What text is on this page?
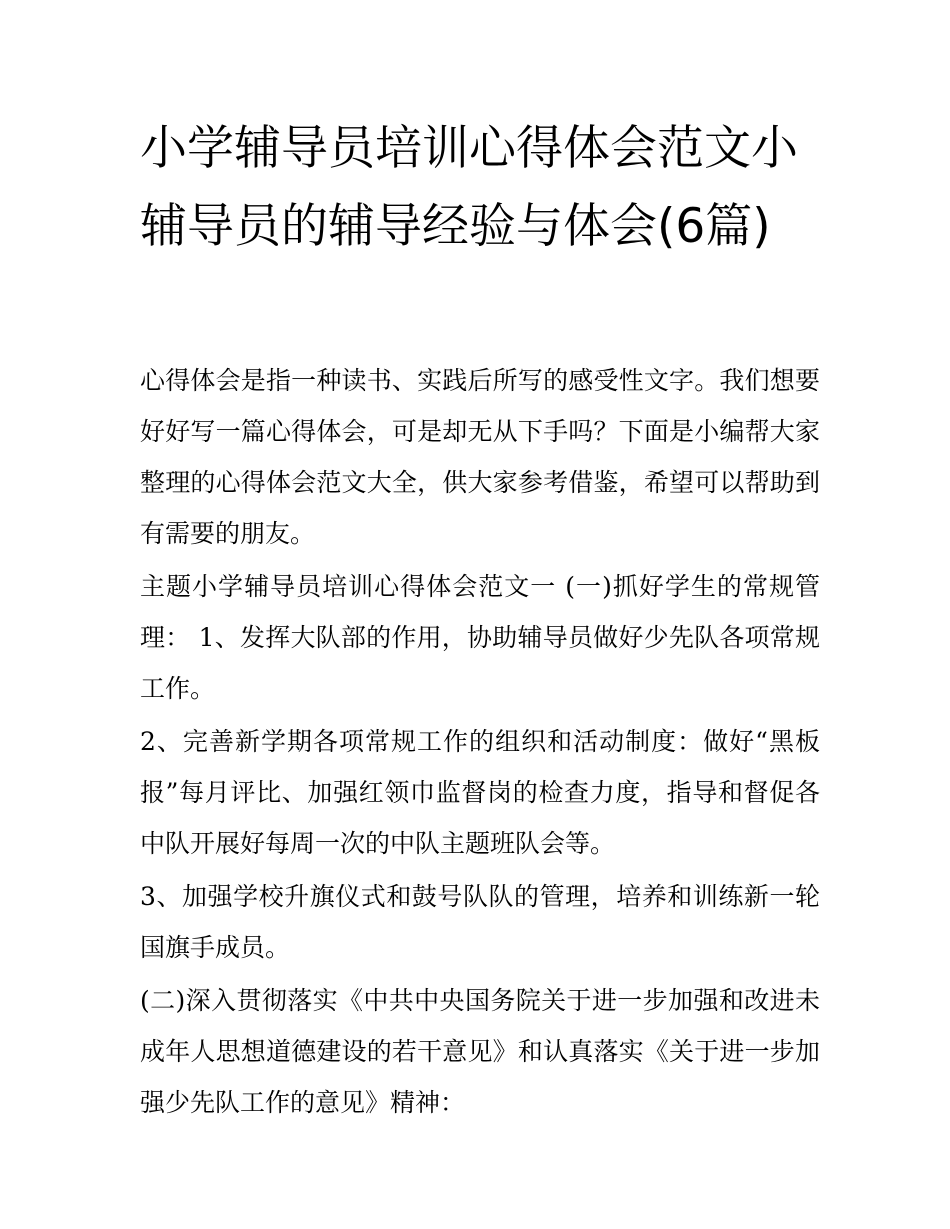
小学辅导员培训心得体会范文小辅导员的辅导经验与体会(6篇)

心得体会是指一种读书、实践后所写的感受性文字。我们想要好好写一篇心得体会，可是却无从下手吗？下面是小编帮大家整理的心得体会范文大全，供大家参考借鉴，希望可以帮助到有需要的朋友。

主题小学辅导员培训心得体会范文一 (一)抓好学生的常规管理： 1、发挥大队部的作用，协助辅导员做好少先队各项常规工作。

2、完善新学期各项常规工作的组织和活动制度：做好“黑板报”每月评比、加强红领巾监督岗的检查力度，指导和督促各中队开展好每周一次的中队主题班队会等。

3、加强学校升旗仪式和鼓号队队的管理，培养和训练新一轮国旗手成员。

(二)深入贯彻落实《中共中央国务院关于进一步加强和改进未成年人思想道德建设的若干意见》和认真落实《关于进一步加强少先队工作的意见》精神：
